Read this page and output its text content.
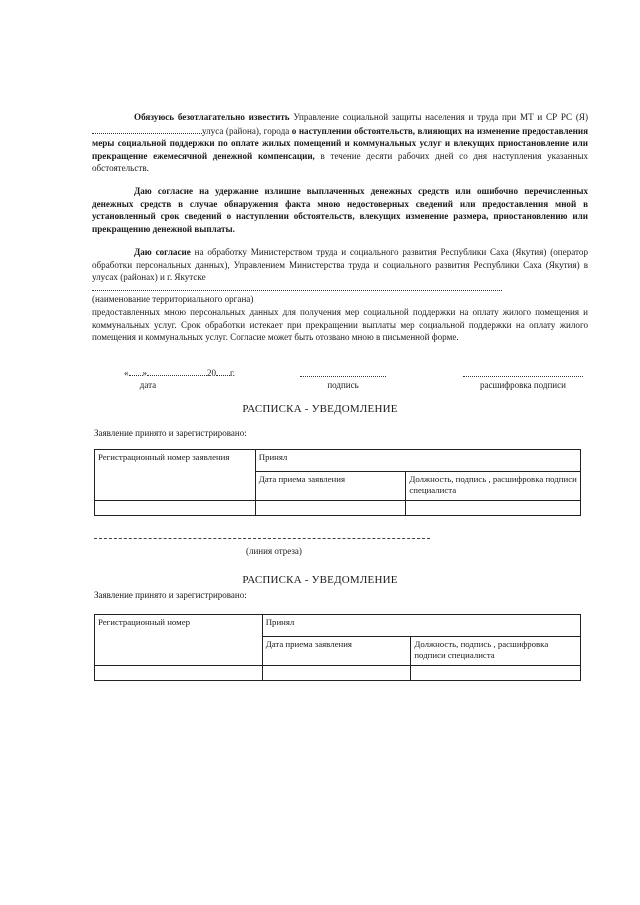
Обязуюсь безотлагательно известить Управление социальной защиты населения и труда при МТ и СР РС (Я) улуса (района), города о наступлении обстоятельств, влияющих на изменение предоставления меры социальной поддержки по оплате жилых помещений и коммунальных услуг и влекущих приостановление или прекращение ежемесячной денежной компенсации, в течение десяти рабочих дней со дня наступления указанных обстоятельств.
Даю согласие на удержание излишне выплаченных денежных средств или ошибочно перечисленных денежных средств в случае обнаружения факта мною недостоверных сведений или предоставления мной в установленный срок сведений о наступлении обстоятельств, влекущих изменение размера, приостановлению или прекращению денежной выплаты.
Даю согласие на обработку Министерством труда и социального развития Республики Саха (Якутия) (оператор обработки персональных данных), Управлением Министерства труда и социального развития Республики Саха (Якутия) в улусах (районах) и г. Якутске
(наименование территориального органа)
предоставленных мною персональных данных для получения мер социальной поддержки на оплату жилого помещения и коммунальных услуг. Срок обработки истекает при прекращении выплаты мер социальной поддержки на оплату жилого помещения и коммунальных услуг. Согласие может быть отозвано мною в письменной форме.
« »	20 г.
дата	подпись	расшифровка подписи
РАСПИСКА - УВЕДОМЛЕНИЕ
Заявление принято и зарегистрировано:
Регистрационный номер заявления	Принял	
	Дата приема заявления	Должность, подпись , расшифровка подписи специалиста

(линия отреза)
РАСПИСКА - УВЕДОМЛЕНИЕ
Заявление принято и зарегистрировано:
Регистрационный номер	Принял	
	Дата приема заявления	Должность, подпись , расшифровка подписи специалиста
